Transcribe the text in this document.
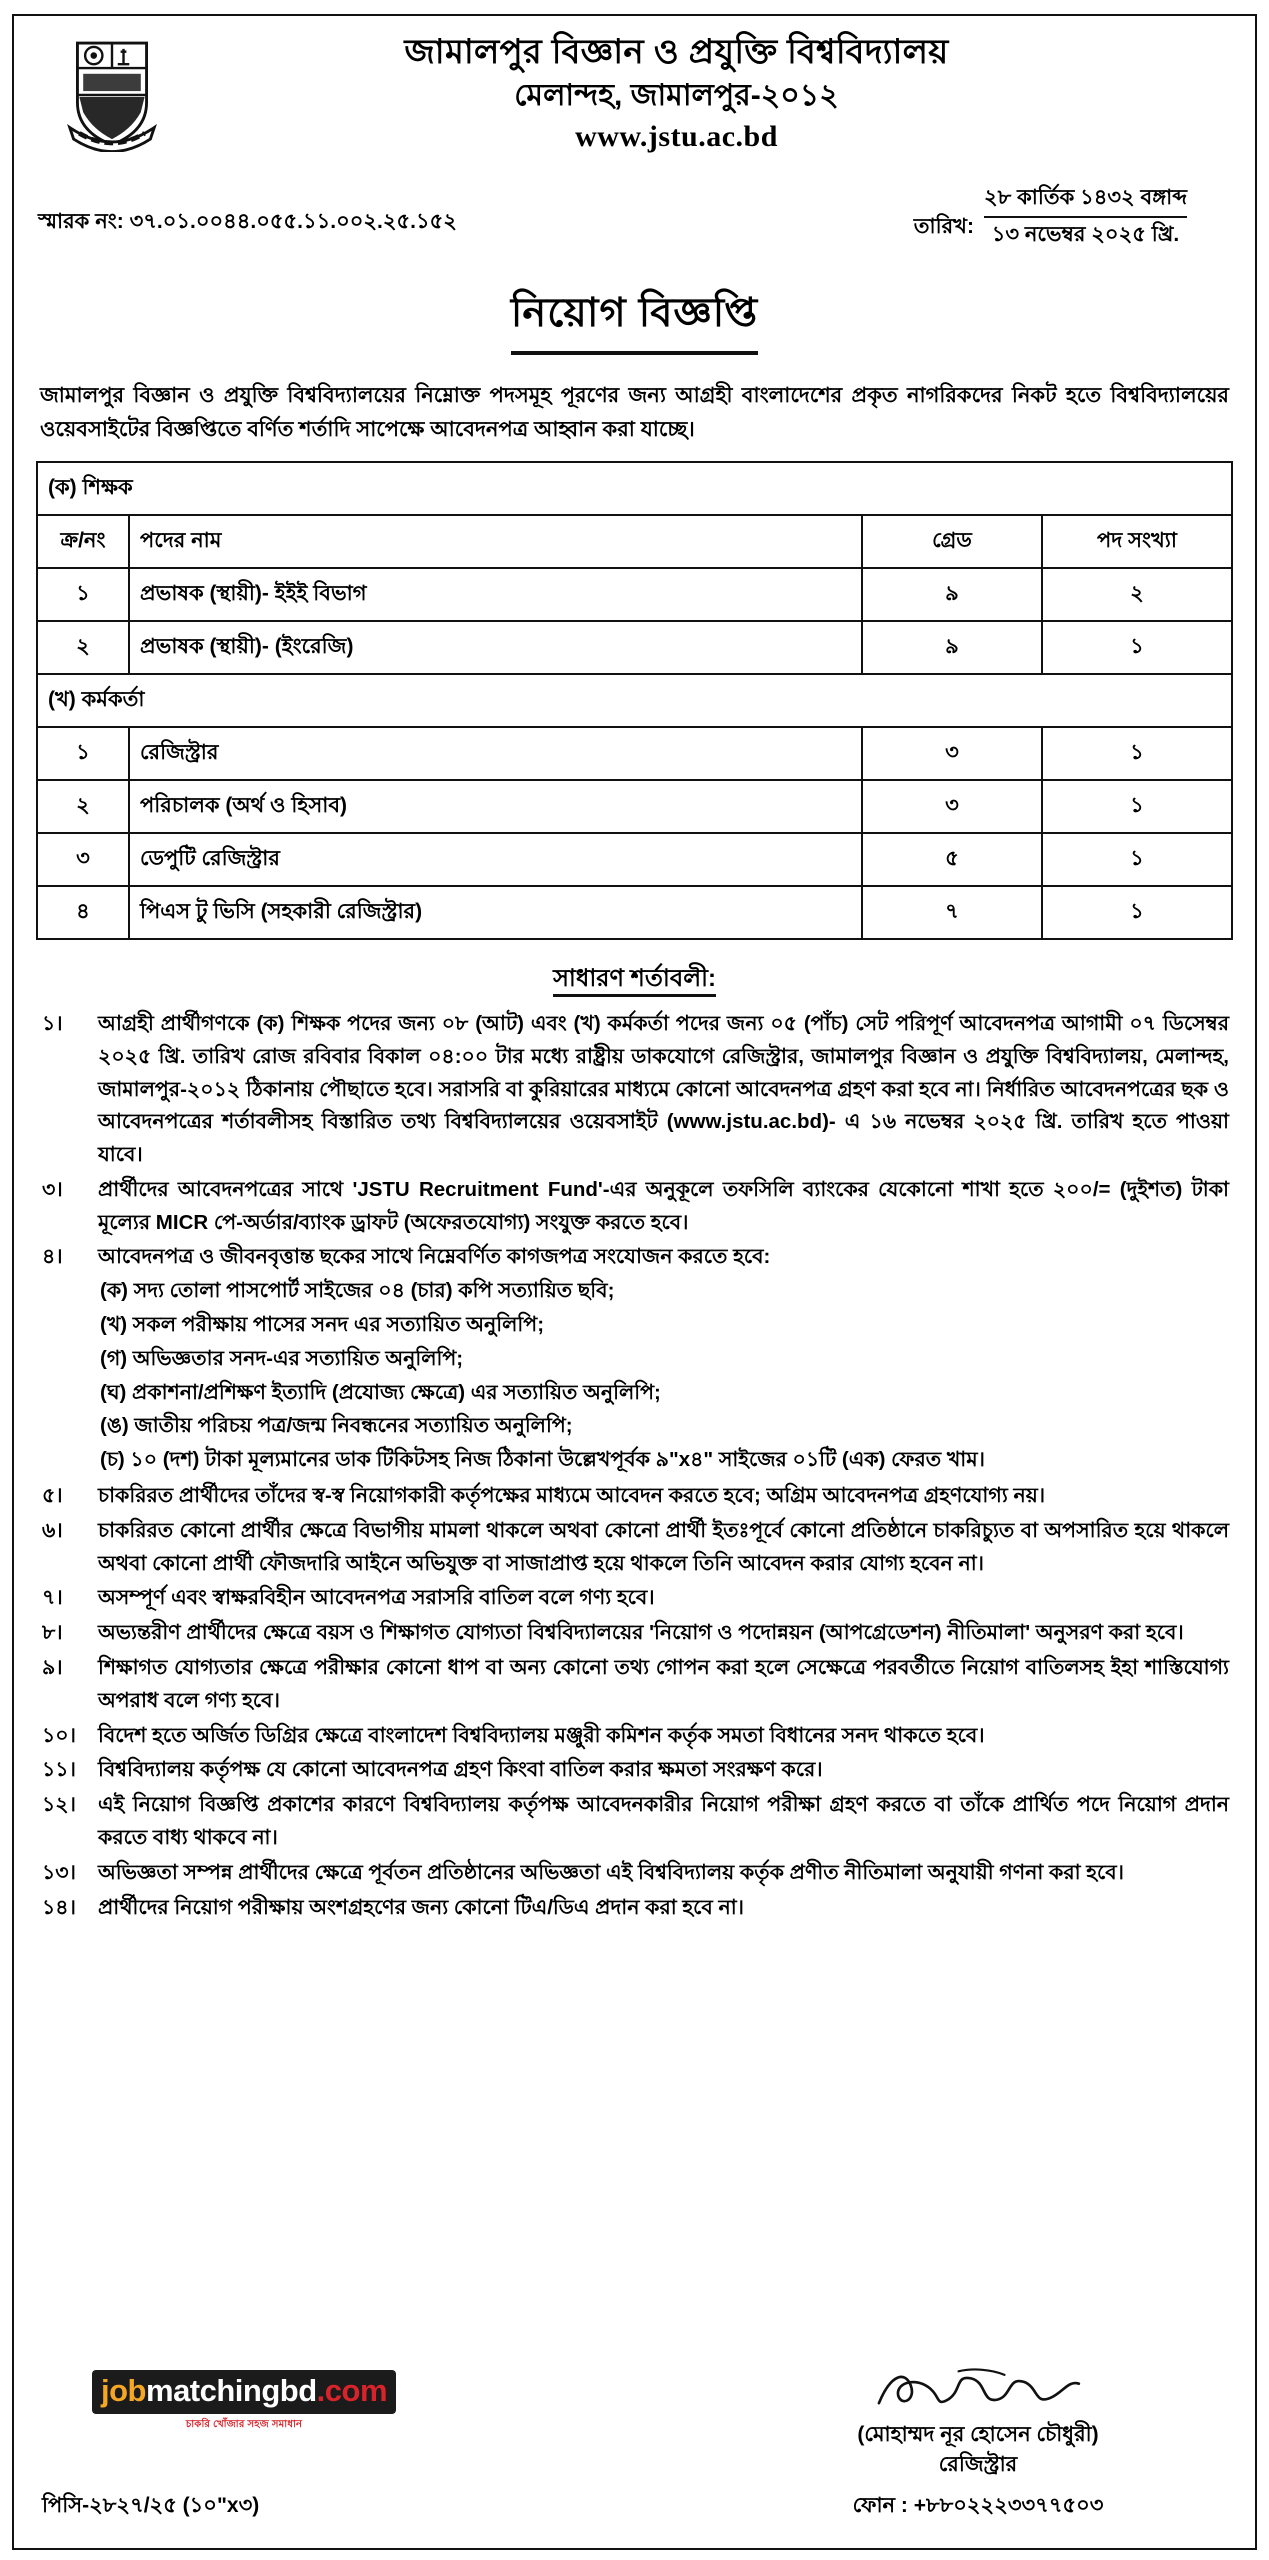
জামালপুর বিজ্ঞান ও প্রযুক্তি বিশ্ববিদ্যালয়
মেলান্দহ, জামালপুর-২০১২
www.jstu.ac.bd
স্মারক নং: ৩৭.০১.০০৪৪.০৫৫.১১.০০২.২৫.১৫২	তারিখ:
২৮ কার্তিক ১৪৩২ বঙ্গাব্দ
১৩ নভেম্বর ২০২৫ খ্রি.
নিয়োগ বিজ্ঞপ্তি
জামালপুর বিজ্ঞান ও প্রযুক্তি বিশ্ববিদ্যালয়ের নিম্নোক্ত পদসমূহ পূরণের জন্য আগ্রহী বাংলাদেশের প্রকৃত নাগরিকদের নিকট হতে বিশ্ববিদ্যালয়ের ওয়েবসাইটের বিজ্ঞপ্তিতে বর্ণিত শর্তাদি সাপেক্ষে আবেদনপত্র আহ্বান করা যাচ্ছে।
(ক) শিক্ষক			
ক্র/নং	পদের নাম	গ্রেড	পদ সংখ্যা
১	প্রভাষক (স্থায়ী)- ইইই বিভাগ	৯	২
২	প্রভাষক (স্থায়ী)- (ইংরেজি)	৯	১
(খ) কর্মকর্তা			
১	রেজিস্ট্রার	৩	১
২	পরিচালক (অর্থ ও হিসাব)	৩	১
৩	ডেপুটি রেজিস্ট্রার	৫	১
৪	পিএস টু ভিসি (সহকারী রেজিস্ট্রার)	৭	১
সাধারণ শর্তাবলী:
১।	আগ্রহী প্রার্থীগণকে (ক) শিক্ষক পদের জন্য ০৮ (আট) এবং (খ) কর্মকর্তা পদের জন্য ০৫ (পাঁচ) সেট পরিপূর্ণ আবেদনপত্র আগামী ০৭ ডিসেম্বর ২০২৫ খ্রি. তারিখ রোজ রবিবার বিকাল ০৪:০০ টার মধ্যে রাষ্ট্রীয় ডাকযোগে রেজিস্ট্রার, জামালপুর বিজ্ঞান ও প্রযুক্তি বিশ্ববিদ্যালয়, মেলান্দহ, জামালপুর-২০১২ ঠিকানায় পৌছাতে হবে। সরাসরি বা কুরিয়ারের মাধ্যমে কোনো আবেদনপত্র গ্রহণ করা হবে না। নির্ধারিত আবেদনপত্রের ছক ও আবেদনপত্রের শর্তাবলীসহ বিস্তারিত তথ্য বিশ্ববিদ্যালয়ের ওয়েবসাইট (www.jstu.ac.bd)- এ ১৬ নভেম্বর ২০২৫ খ্রি. তারিখ হতে পাওয়া যাবে।
৩।	প্রার্থীদের আবেদনপত্রের সাথে 'JSTU Recruitment Fund'-এর অনুকূলে তফসিলি ব্যাংকের যেকোনো শাখা হতে ২০০/= (দুইশত) টাকা মূল্যের MICR পে-অর্ডার/ব্যাংক ড্রাফট (অফেরতযোগ্য) সংযুক্ত করতে হবে।
৪।	আবেদনপত্র ও জীবনবৃত্তান্ত ছকের সাথে নিম্নেবর্ণিত কাগজপত্র সংযোজন করতে হবে:
(ক) সদ্য তোলা পাসপোর্ট সাইজের ০৪ (চার) কপি সত্যায়িত ছবি;
(খ) সকল পরীক্ষায় পাসের সনদ এর সত্যায়িত অনুলিপি;
(গ) অভিজ্ঞতার সনদ-এর সত্যায়িত অনুলিপি;
(ঘ) প্রকাশনা/প্রশিক্ষণ ইত্যাদি (প্রযোজ্য ক্ষেত্রে) এর সত্যায়িত অনুলিপি;
(ঙ) জাতীয় পরিচয় পত্র/জন্ম নিবন্ধনের সত্যায়িত অনুলিপি;
(চ) ১০ (দশ) টাকা মূল্যমানের ডাক টিকিটসহ নিজ ঠিকানা উল্লেখপূর্বক ৯"x৪" সাইজের ০১টি (এক) ফেরত খাম।
৫।	চাকরিরত প্রার্থীদের তাঁদের স্ব-স্ব নিয়োগকারী কর্তৃপক্ষের মাধ্যমে আবেদন করতে হবে; অগ্রিম আবেদনপত্র গ্রহণযোগ্য নয়।
৬।	চাকরিরত কোনো প্রার্থীর ক্ষেত্রে বিভাগীয় মামলা থাকলে অথবা কোনো প্রার্থী ইতঃপূর্বে কোনো প্রতিষ্ঠানে চাকরিচ্যুত বা অপসারিত হয়ে থাকলে অথবা কোনো প্রার্থী ফৌজদারি আইনে অভিযুক্ত বা সাজাপ্রাপ্ত হয়ে থাকলে তিনি আবেদন করার যোগ্য হবেন না।
৭।	অসম্পূর্ণ এবং স্বাক্ষরবিহীন আবেদনপত্র সরাসরি বাতিল বলে গণ্য হবে।
৮।	অভ্যন্তরীণ প্রার্থীদের ক্ষেত্রে বয়স ও শিক্ষাগত যোগ্যতা বিশ্ববিদ্যালয়ের 'নিয়োগ ও পদোন্নয়ন (আপগ্রেডেশন) নীতিমালা' অনুসরণ করা হবে।
৯।	শিক্ষাগত যোগ্যতার ক্ষেত্রে পরীক্ষার কোনো ধাপ বা অন্য কোনো তথ্য গোপন করা হলে সেক্ষেত্রে পরবর্তীতে নিয়োগ বাতিলসহ ইহা শাস্তিযোগ্য অপরাধ বলে গণ্য হবে।
১০।	বিদেশ হতে অর্জিত ডিগ্রির ক্ষেত্রে বাংলাদেশ বিশ্ববিদ্যালয় মঞ্জুরী কমিশন কর্তৃক সমতা বিধানের সনদ থাকতে হবে।
১১।	বিশ্ববিদ্যালয় কর্তৃপক্ষ যে কোনো আবেদনপত্র গ্রহণ কিংবা বাতিল করার ক্ষমতা সংরক্ষণ করে।
১২।	এই নিয়োগ বিজ্ঞপ্তি প্রকাশের কারণে বিশ্ববিদ্যালয় কর্তৃপক্ষ আবেদনকারীর নিয়োগ পরীক্ষা গ্রহণ করতে বা তাঁকে প্রার্থিত পদে নিয়োগ প্রদান করতে বাধ্য থাকবে না।
১৩।	অভিজ্ঞতা সম্পন্ন প্রার্থীদের ক্ষেত্রে পূর্বতন প্রতিষ্ঠানের অভিজ্ঞতা এই বিশ্ববিদ্যালয় কর্তৃক প্রণীত নীতিমালা অনুযায়ী গণনা করা হবে।
১৪।	প্রার্থীদের নিয়োগ পরীক্ষায় অংশগ্রহণের জন্য কোনো টিএ/ডিএ প্রদান করা হবে না।
jobmatchingbd.com
চাকরি খোঁজার সহজ সমাধান
পিসি-২৮২৭/২৫ (১০"x৩)
(মোহাম্মদ নূর হোসেন চৌধুরী)
রেজিস্ট্রার
ফোন : +৮৮০২২২৩৩৭৭৫০৩
